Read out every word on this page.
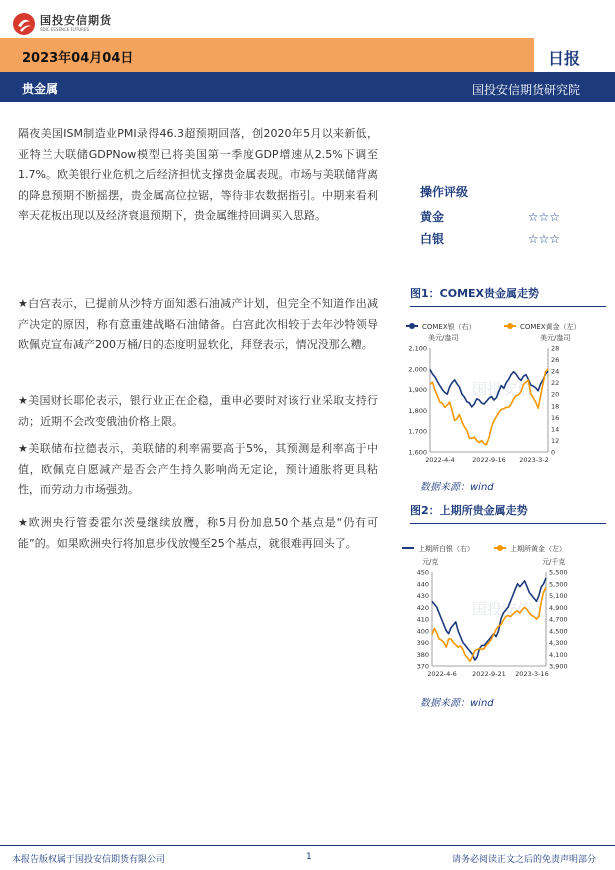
国投安信期货
SDIC ESSENCE FUTURES
2023年04月04日	日报
贵金属	国投安信期货研究院

隔夜美国ISM制造业PMI录得46.3超预期回落，创2020年5月以来新低，亚特兰大联储GDPNow模型已将美国第一季度GDP增速从2.5%下调至1.7%。欧美银行业危机之后经济担忧支撑贵金属表现。市场与美联储背离的降息预期不断摇摆，贵金属高位拉锯，等待非农数据指引。中期来看利率天花板出现以及经济衰退预期下，贵金属维持回调买入思路。

★白宫表示，已提前从沙特方面知悉石油减产计划，但完全不知道作出减产决定的原因，称有意重建战略石油储备。白宫此次相较于去年沙特领导欧佩克宣布减产200万桶/日的态度明显软化，拜登表示，情况没那么糟。

★美国财长耶伦表示，银行业正在企稳，重申必要时对该行业采取支持行动；近期不会改变俄油价格上限。

★美联储布拉德表示，美联储的利率需要高于5%，其预测是利率高于中值，欧佩克自愿减产是否会产生持久影响尚无定论，预计通胀将更具粘性，而劳动力市场强劲。

★欧洲央行管委霍尔茨曼继续放鹰，称5月份加息50个基点是“仍有可能”的。如果欧洲央行将加息步伐放慢至25个基点，就很难再回头了。

操作评级
黄金	☆☆☆
白银	☆☆☆
图1：COMEX贵金属走势
国投安信
COMEX银（右）	COMEX黄金（左）
美元/盎司	美元/盎司
1,600
1,700
1,800
1,900
2,000
2,100
0
12
14
16
18
20
22
24
26
28
2022-4-4	2022-9-16 2023-3-2
数据来源：wind
图2：上期所贵金属走势
国投安信
上期所白银（右）	上期所黄金（左）
元/克	元/千克
370
380
390
400
410
420
430
440
450
3,900
4,100
4,300
4,500
4,700
4,900
5,100
5,300
5,500
2022-4-6 2022-9-21 2023-3-16
数据来源：wind
本报告版权属于国投安信期货有限公司	1	请务必阅读正文之后的免责声明部分
